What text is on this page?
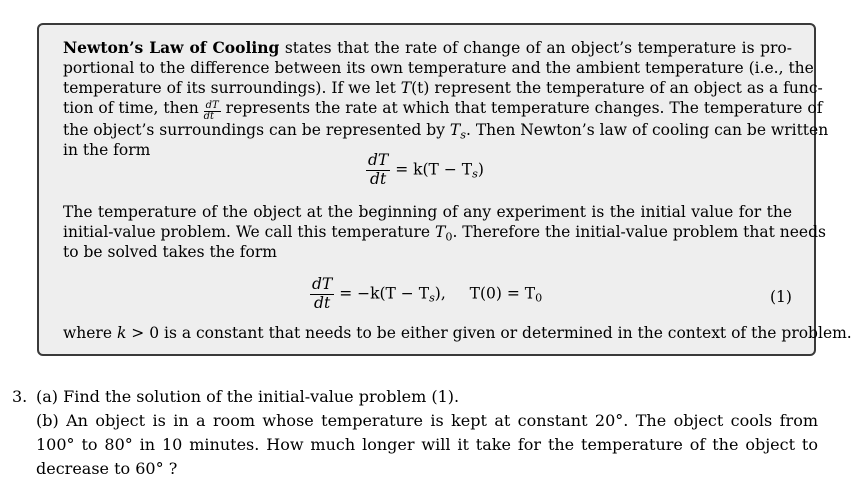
Newton’s Law of Cooling states that the rate of change of an object’s temperature is pro-
portional to the difference between its own temperature and the ambient temperature (i.e., the
temperature of its surroundings). If we let T(t) represent the temperature of an object as a func-
tion of time, then $\frac{dT}{dt}$ represents the rate at which that temperature changes. The temperature of
the object’s surroundings can be represented by $T_s$. Then Newton’s law of cooling can be written
in the form
$\frac{dT}{dt} = k(T - T_s)$
The temperature of the object at the beginning of any experiment is the initial value for the
initial-value problem. We call this temperature $T_0$. Therefore the initial-value problem that needs
to be solved takes the form
$\frac{dT}{dt} = -k(T - T_s)$, $T(0) = T_0$	(1)
where k > 0 is a constant that needs to be either given or determined in the context of the problem.
3. (a) Find the solution of the initial-value problem (1).
(b) An object is in a room whose temperature is kept at constant 20°. The object cools from
100° to 80° in 10 minutes. How much longer will it take for the temperature of the object to
decrease to 60° ?
